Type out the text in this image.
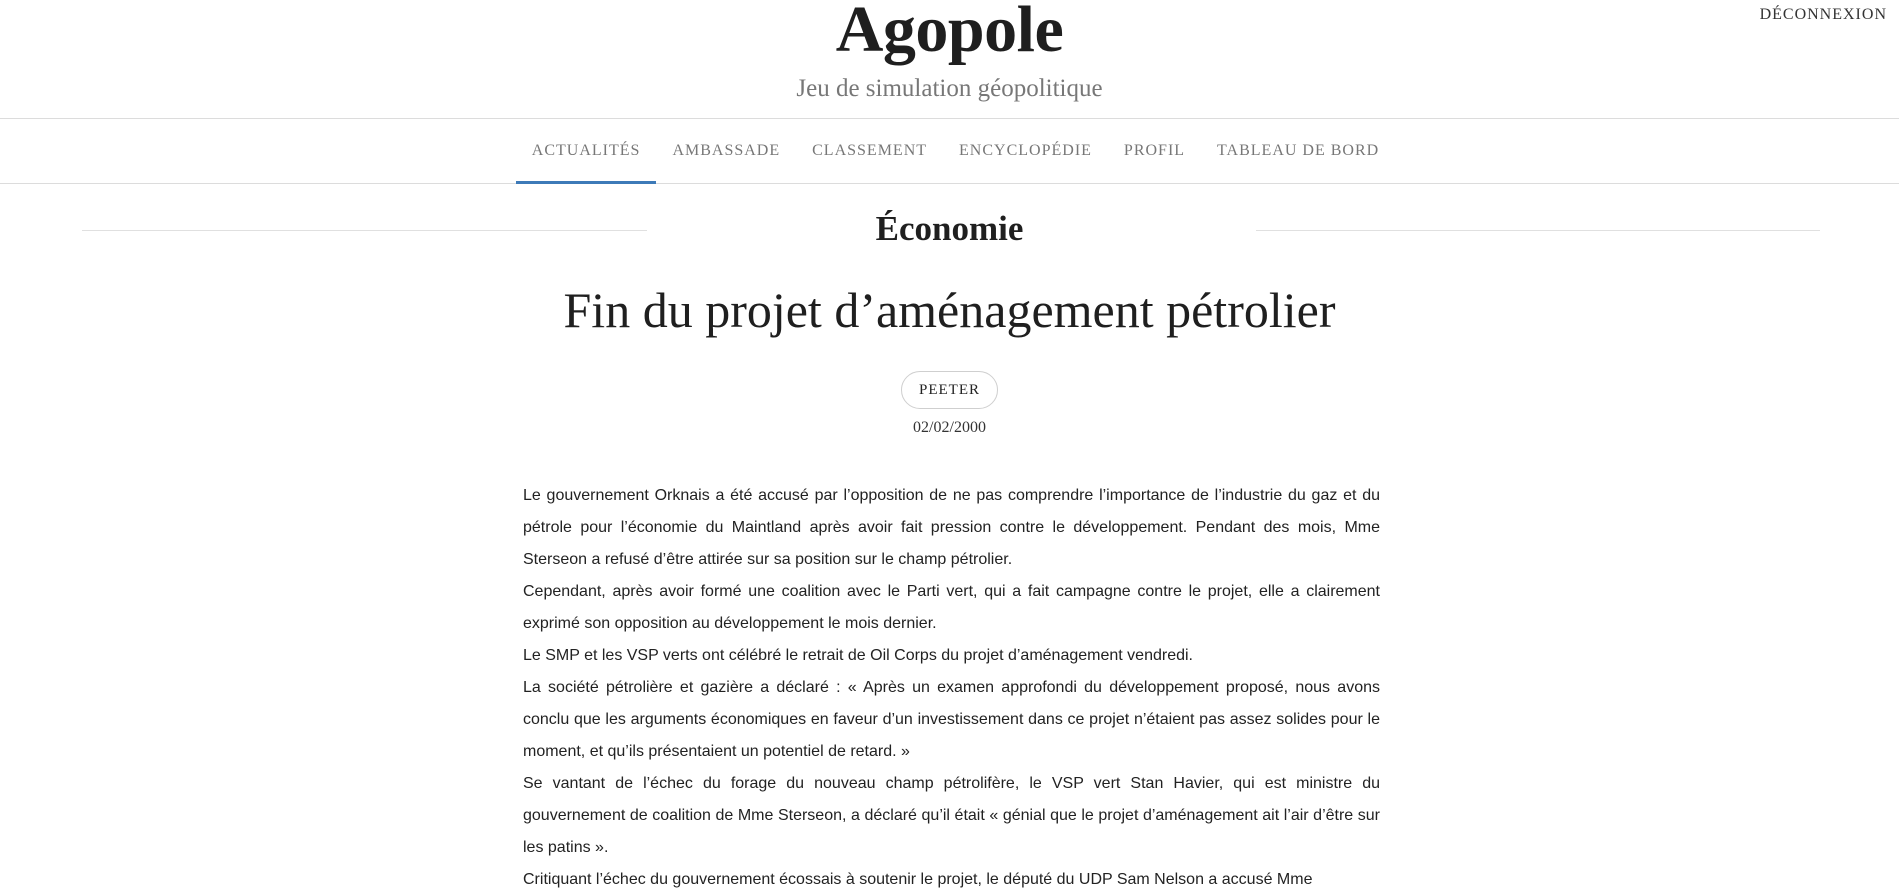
Agopole
Jeu de simulation géopolitique
DÉCONNEXION
ACTUALITÉS	AMBASSADE	CLASSEMENT	ENCYCLOPÉDIE	PROFIL	TABLEAU DE BORD
Économie
Fin du projet d’aménagement pétrolier
PEETER
02/02/2000

Le gouvernement Orknais a été accusé par l’opposition de ne pas comprendre l’importance de l’industrie du gaz et du pétrole pour l’économie du Maintland après avoir fait pression contre le développement. Pendant des mois, Mme Sterseon a refusé d’être attirée sur sa position sur le champ pétrolier.

Cependant, après avoir formé une coalition avec le Parti vert, qui a fait campagne contre le projet, elle a clairement exprimé son opposition au développement le mois dernier.

Le SMP et les VSP verts ont célébré le retrait de Oil Corps du projet d’aménagement vendredi.

La société pétrolière et gazière a déclaré : « Après un examen approfondi du développement proposé, nous avons conclu que les arguments économiques en faveur d’un investissement dans ce projet n’étaient pas assez solides pour le moment, et qu’ils présentaient un potentiel de retard. »

Se vantant de l’échec du forage du nouveau champ pétrolifère, le VSP vert Stan Havier, qui est ministre du gouvernement de coalition de Mme Sterseon, a déclaré qu’il était « génial que le projet d’aménagement ait l’air d’être sur les patins ».

Critiquant l’échec du gouvernement écossais à soutenir le projet, le député du UDP Sam Nelson a accusé Mme
